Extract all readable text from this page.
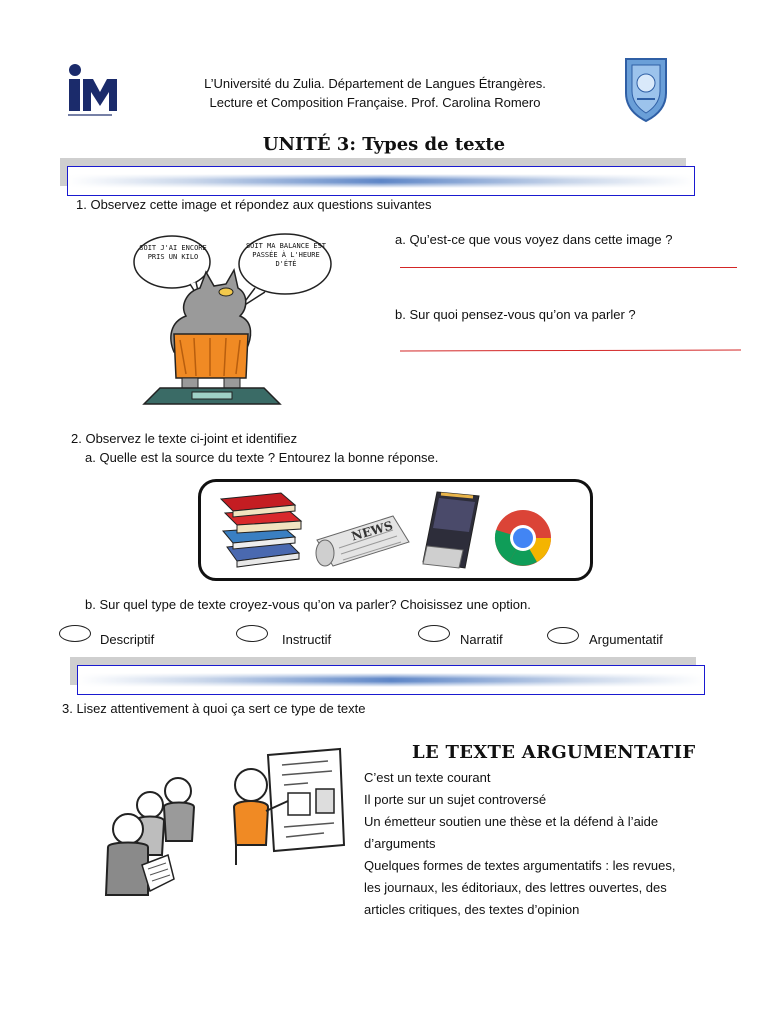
L’Université du Zulia. Département de Langues Étrangères.
Lecture et Composition Française. Prof. Carolina Romero
UNITÉ 3: Types de texte
1. Observez cette image et répondez aux questions suivantes
SOIT J'AI ENCORE PRIS UN KILO
SOIT MA BALANCE EST PASSÉE À L'HEURE D'ÉTÉ
a. Qu’est-ce que vous voyez dans cette image ?
b. Sur quoi pensez-vous qu’on va parler ?
2. Observez le texte ci-joint et identifiez
a. Quelle est la source du texte ? Entourez la bonne réponse.
NEWS
b. Sur quel type de texte croyez-vous qu’on va parler? Choisissez une option.
Descriptif	Instructif	Narratif	Argumentatif
3. Lisez attentivement à quoi ça sert ce type de texte
LE TEXTE ARGUMENTATIF
C’est un texte courant
Il porte sur un sujet controversé
Un émetteur soutien une thèse et la défend à l’aide
d’arguments
Quelques formes de textes argumentatifs : les revues,
les journaux, les éditoriaux, des lettres ouvertes, des
articles critiques, des textes d’opinion
